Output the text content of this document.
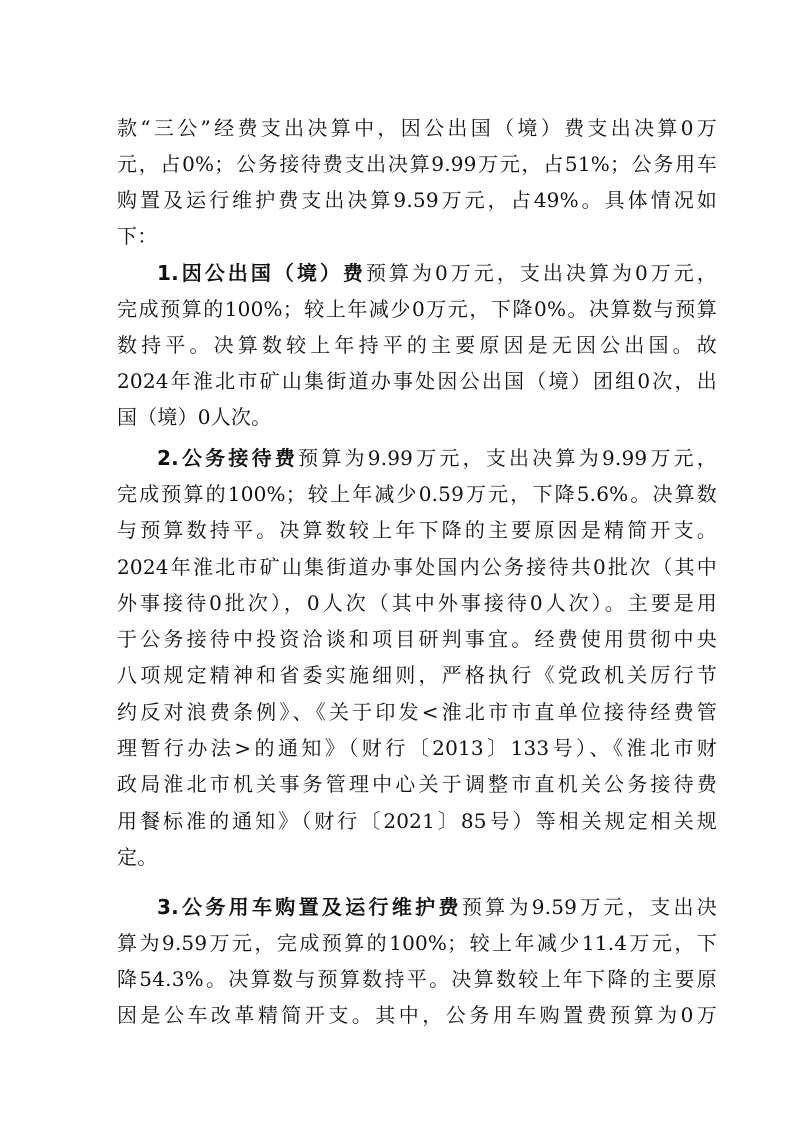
款“三公”经费支出决算中，因公出国（境）费支出决算0万
元，占0%；公务接待费支出决算9.99万元，占51%；公务用车
购置及运行维护费支出决算9.59万元，占49%。具体情况如
下：
1.因公出国（境）费预算为0万元，支出决算为0万元，
完成预算的100%；较上年减少0万元，下降0%。决算数与预算
数持平。决算数较上年持平的主要原因是无因公出国。故
2024年淮北市矿山集街道办事处因公出国（境）团组0次，出
国（境）0人次。
2.公务接待费预算为9.99万元，支出决算为9.99万元，
完成预算的100%；较上年减少0.59万元，下降5.6%。决算数
与预算数持平。决算数较上年下降的主要原因是精简开支。
2024年淮北市矿山集街道办事处国内公务接待共0批次（其中
外事接待0批次），0人次（其中外事接待0人次）。主要是用
于公务接待中投资洽谈和项目研判事宜。经费使用贯彻中央
八项规定精神和省委实施细则，严格执行《党政机关厉行节
约反对浪费条例》、《关于印发<淮北市市直单位接待经费管
理暂行办法>的通知》（财行〔2013〕133号）、《淮北市财
政局淮北市机关事务管理中心关于调整市直机关公务接待费
用餐标准的通知》（财行〔2021〕85号）等相关规定相关规
定。
3.公务用车购置及运行维护费预算为9.59万元，支出决
算为9.59万元，完成预算的100%；较上年减少11.4万元，下
降54.3%。决算数与预算数持平。决算数较上年下降的主要原
因是公车改革精简开支。其中，公务用车购置费预算为0万
